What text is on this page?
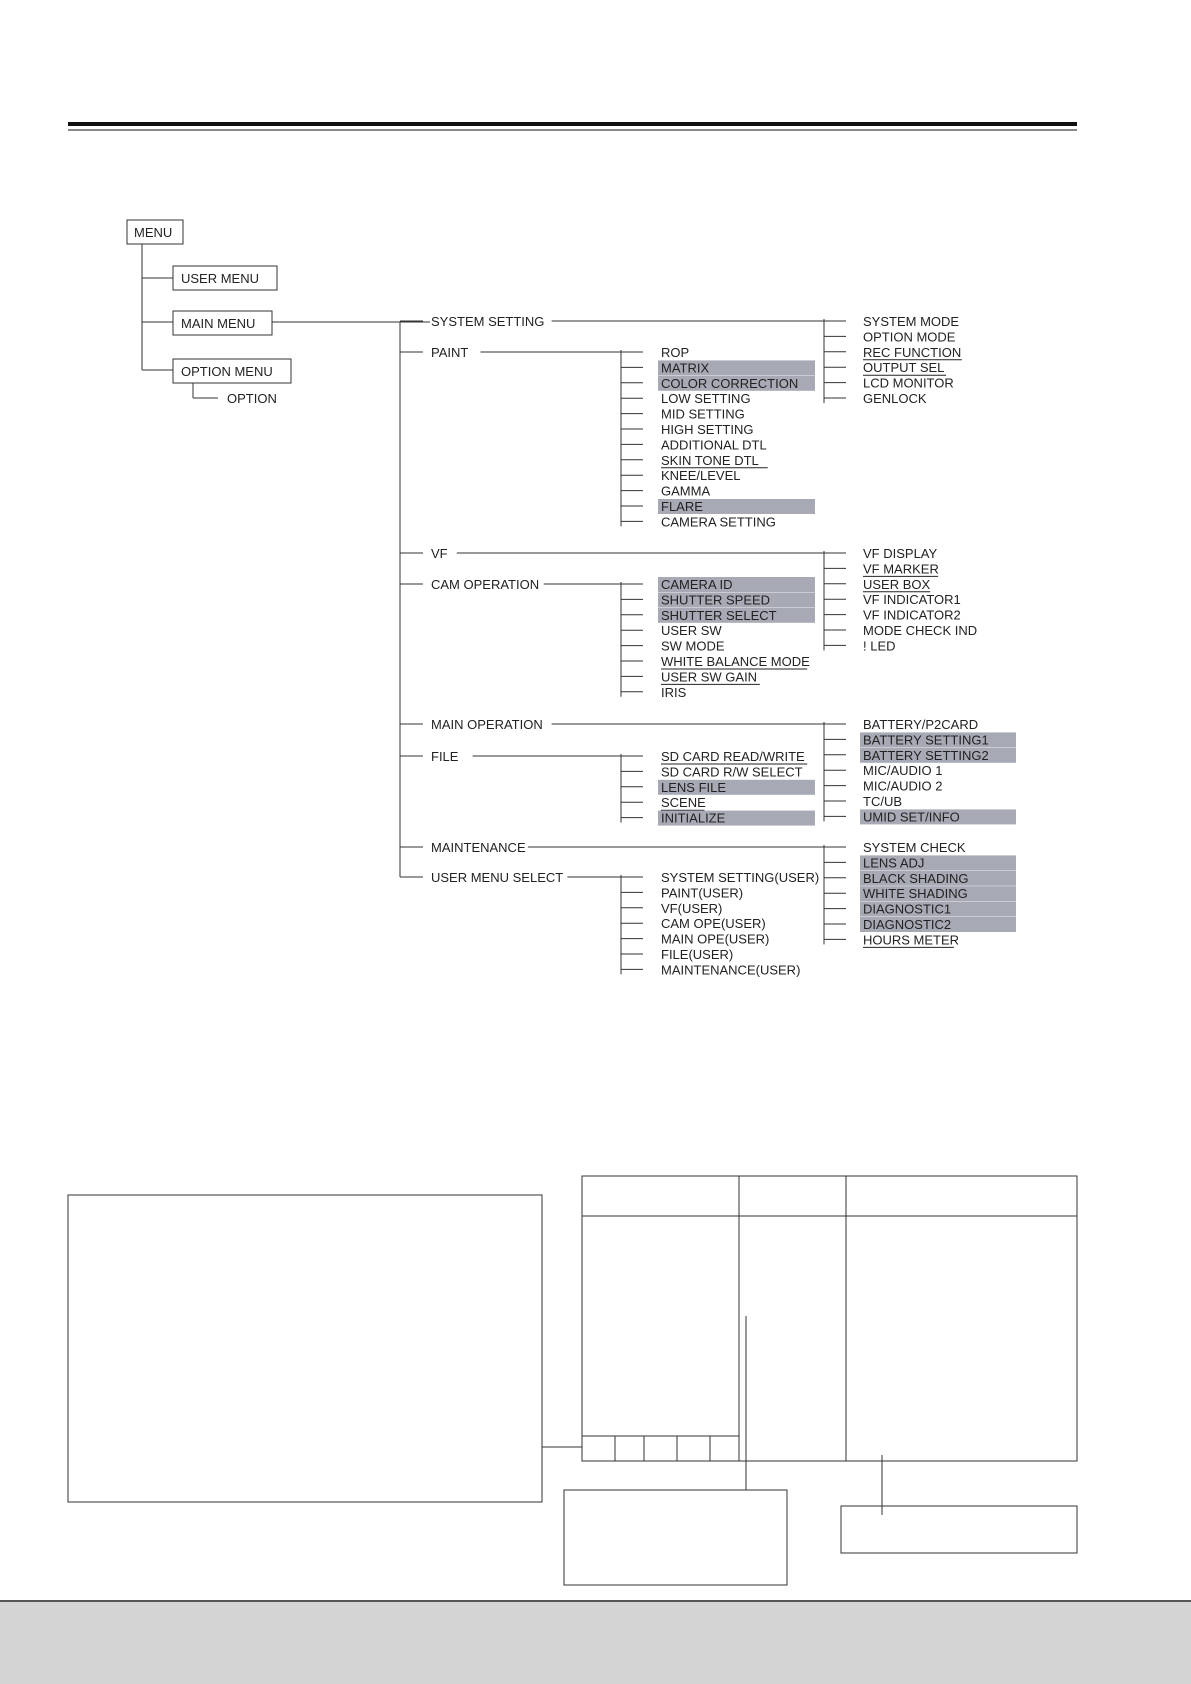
MENU
USER MENU
MAIN MENU
OPTION MENU
OPTION
SYSTEM SETTING	SYSTEM MODE
OPTION MODE
REC FUNCTION
OUTPUT SEL
LCD MONITOR
GENLOCK
PAINT	ROP
MATRIX
COLOR CORRECTION
LOW SETTING
MID SETTING
HIGH SETTING
ADDITIONAL DTL
SKIN TONE DTL
KNEE/LEVEL
GAMMA
FLARE
CAMERA SETTING
VF	VF DISPLAY
VF MARKER
USER BOX
VF INDICATOR1
VF INDICATOR2
MODE CHECK IND
! LED
CAM OPERATION	CAMERA ID
SHUTTER SPEED
SHUTTER SELECT
USER SW
SW MODE
WHITE BALANCE MODE
USER SW GAIN
IRIS
MAIN OPERATION	BATTERY/P2CARD
BATTERY SETTING1
BATTERY SETTING2
MIC/AUDIO 1
MIC/AUDIO 2
TC/UB
UMID SET/INFO
FILE	SD CARD READ/WRITE
SD CARD R/W SELECT
LENS FILE
SCENE
INITIALIZE
MAINTENANCE	SYSTEM CHECK
LENS ADJ
BLACK SHADING
WHITE SHADING
DIAGNOSTIC1
DIAGNOSTIC2
HOURS METER
USER MENU SELECT	SYSTEM SETTING(USER)
PAINT(USER)
VF(USER)
CAM OPE(USER)
MAIN OPE(USER)
FILE(USER)
MAINTENANCE(USER)
